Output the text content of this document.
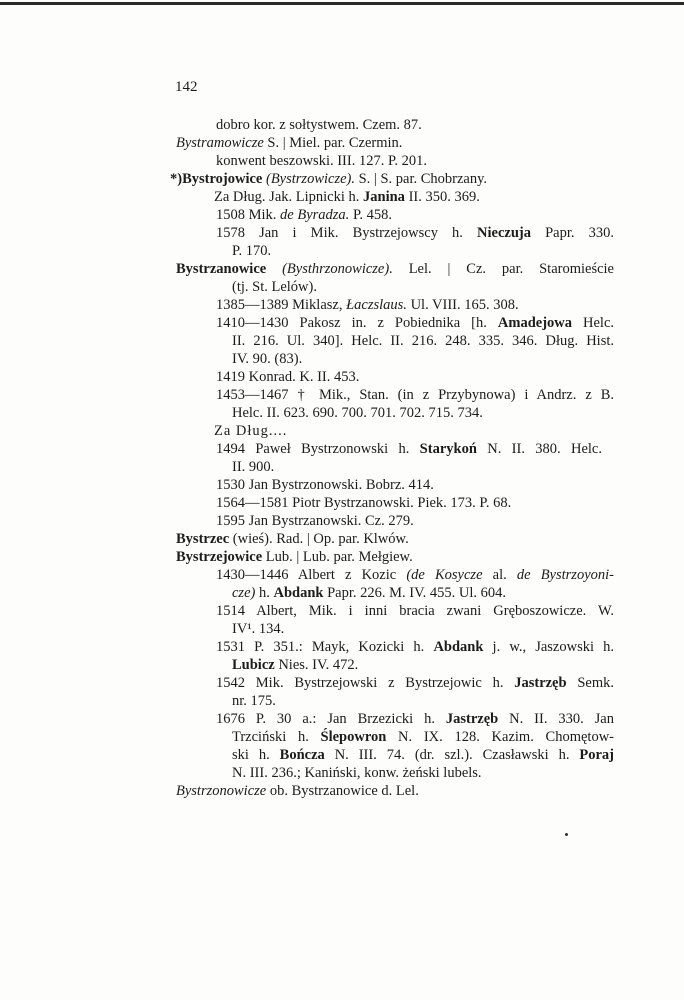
142
dobro kor. z sołtystwem. Czem. 87.
Bystramowicze S. | Miel. par. Czermin.
konwent beszowski. III. 127. P. 201.
*)Bystrojowice (Bystrzowicze). S. | S. par. Chobrzany.
Za Dług. Jak. Lipnicki h. Janina II. 350. 369.
1508 Mik. de Byradza. P. 458.
1578 Jan i Mik. Bystrzejowscy h. Nieczuja Papr. 330.
P. 170.
Bystrzanowice (Bysthrzonowicze). Lel. | Cz. par. Staromieście
(tj. St. Lelów).
1385—1389 Miklasz, Łaczslaus. Ul. VIII. 165. 308.
1410—1430 Pakosz in. z Pobiednika [h. Amadejowa Helc.
II. 216. Ul. 340]. Helc. II. 216. 248. 335. 346. Dług. Hist.
IV. 90. (83).
1419 Konrad. K. II. 453.
1453—1467 † Mik., Stan. (in z Przybynowa) i Andrz. z B.
Helc. II. 623. 690. 700. 701. 702. 715. 734.
Za Dług....
1494 Paweł Bystrzonowski h. Starykoń N. II. 380. Helc.
II. 900.
1530 Jan Bystrzonowski. Bobrz. 414.
1564—1581 Piotr Bystrzanowski. Piek. 173. P. 68.
1595 Jan Bystrzanowski. Cz. 279.
Bystrzec (wieś). Rad. | Op. par. Klwów.
Bystrzejowice Lub. | Lub. par. Mełgiew.
1430—1446 Albert z Kozic (de Kosycze al. de Bystrzoyoni-
cze) h. Abdank Papr. 226. M. IV. 455. Ul. 604.
1514 Albert, Mik. i inni bracia zwani Gręboszowicze. W.
IV¹. 134.
1531 P. 351.: Mayk, Kozicki h. Abdank j. w., Jaszowski h.
Lubicz Nies. IV. 472.
1542 Mik. Bystrzejowski z Bystrzejowic h. Jastrzęb Semk.
nr. 175.
1676 P. 30 a.: Jan Brzezicki h. Jastrzęb N. II. 330. Jan
Trzciński h. Ślepowron N. IX. 128. Kazim. Chomętow-
ski h. Bończa N. III. 74. (dr. szl.). Czasławski h. Poraj
N. III. 236.; Kaniński, konw. żeński lubels.
Bystrzonowicze ob. Bystrzanowice d. Lel.
